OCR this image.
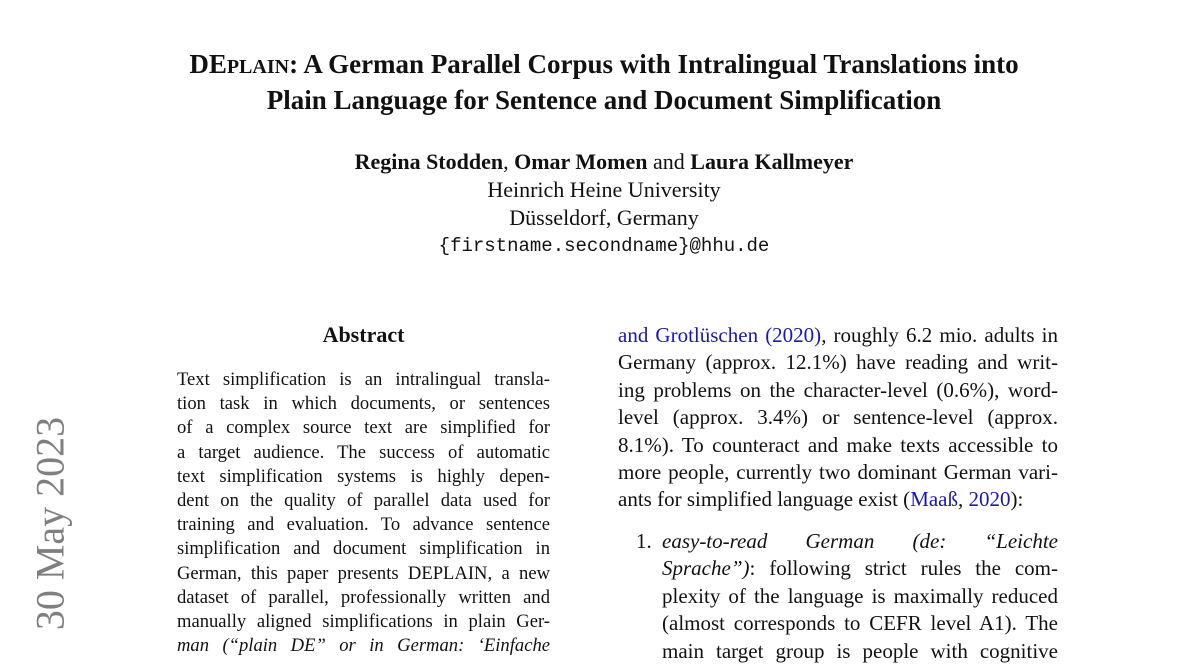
DEPLAIN: A German Parallel Corpus with Intralingual Translations into
Plain Language for Sentence and Document Simplification
Regina Stodden, Omar Momen and Laura Kallmeyer
Heinrich Heine University
Düsseldorf, Germany
{firstname.secondname}@hhu.de
30 May 2023
Abstract
Text simplification is an intralingual transla-
tion task in which documents, or sentences
of a complex source text are simplified for
a target audience. The success of automatic
text simplification systems is highly depen-
dent on the quality of parallel data used for
training and evaluation. To advance sentence
simplification and document simplification in
German, this paper presents DEPLAIN, a new
dataset of parallel, professionally written and
manually aligned simplifications in plain Ger-
man (“plain DE” or in German: ‘Einfache
and Grotlüschen (2020), roughly 6.2 mio. adults in
Germany (approx. 12.1%) have reading and writ-
ing problems on the character-level (0.6%), word-
level (approx. 3.4%) or sentence-level (approx.
8.1%). To counteract and make texts accessible to
more people, currently two dominant German vari-
ants for simplified language exist (Maaß, 2020):
1. easy-to-read German (de: “Leichte
Sprache”): following strict rules the com-
plexity of the language is maximally reduced
(almost corresponds to CEFR level A1). The
main target group is people with cognitive
